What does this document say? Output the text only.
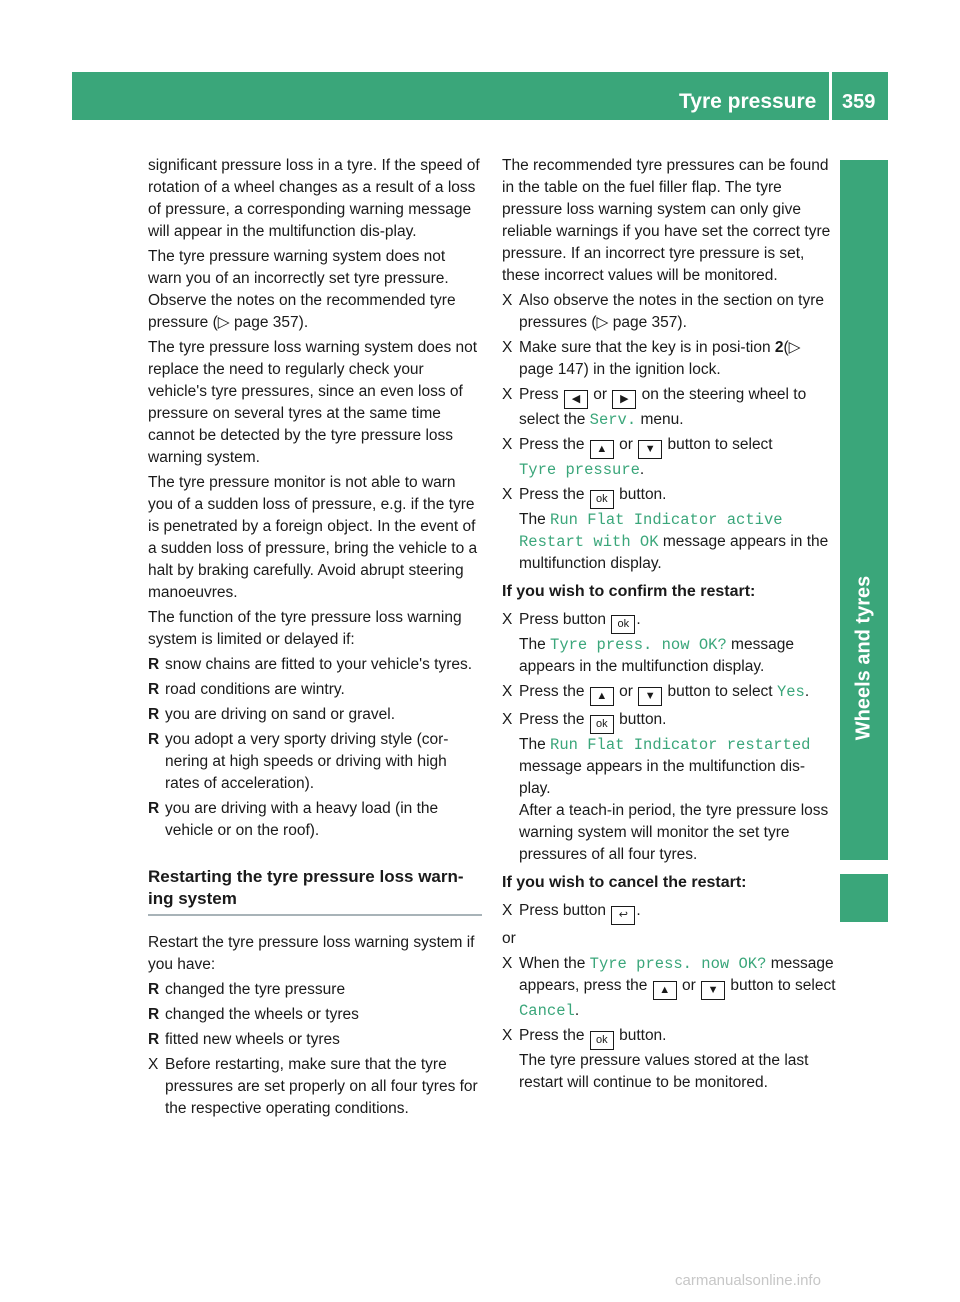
Tyre pressure 359
Wheels and tyres

significant pressure loss in a tyre. If the speed of rotation of a wheel changes as a result of a loss of pressure, a corresponding warning message will appear in the multifunction dis-play.

The tyre pressure warning system does not warn you of an incorrectly set tyre pressure. Observe the notes on the recommended tyre pressure (▷ page 357).

The tyre pressure loss warning system does not replace the need to regularly check your vehicle's tyre pressures, since an even loss of pressure on several tyres at the same time cannot be detected by the tyre pressure loss warning system.

The tyre pressure monitor is not able to warn you of a sudden loss of pressure, e.g. if the tyre is penetrated by a foreign object. In the event of a sudden loss of pressure, bring the vehicle to a halt by braking carefully. Avoid abrupt steering manoeuvres.

The function of the tyre pressure loss warning system is limited or delayed if:

R snow chains are fitted to your vehicle's tyres.
R road conditions are wintry.
R you are driving on sand or gravel.
R you adopt a very sporty driving style (cor-nering at high speeds or driving with high rates of acceleration).
R you are driving with a heavy load (in the vehicle or on the roof).
Restarting the tyre pressure loss warn-ing system

Restart the tyre pressure loss warning system if you have:

R changed the tyre pressure
R changed the wheels or tyres
R fitted new wheels or tyres
X Before restarting, make sure that the tyre pressures are set properly on all four tyres for the respective operating conditions.

The recommended tyre pressures can be found in the table on the fuel filler flap. The tyre pressure loss warning system can only give reliable warnings if you have set the correct tyre pressure. If an incorrect tyre pressure is set, these incorrect values will be monitored.

X Also observe the notes in the section on tyre pressures (▷ page 357).
X Make sure that the key is in posi-tion 2(▷ page 147) in the ignition lock.
X Press ◀ or ▶ on the steering wheel to select the Serv. menu.
X Press the ▲ or ▼ button to select Tyre pressure.
X Press the ok button.
The Run Flat Indicator active
Restart with OK message appears in the multifunction display.
If you wish to confirm the restart:
X Press button ok .
The Tyre press. now OK? message appears in the multifunction display.
X Press the ▲ or ▼ button to select Yes.
X Press the ok button.
The Run Flat Indicator restarted message appears in the multifunction dis-play.
After a teach-in period, the tyre pressure loss warning system will monitor the set tyre pressures of all four tyres.
If you wish to cancel the restart:
X Press button ↩ .

or

X When the Tyre press. now OK? message appears, press the ▲ or ▼ button to select Cancel.
X Press the ok button.
The tyre pressure values stored at the last restart will continue to be monitored.
carmanualsonline.info
